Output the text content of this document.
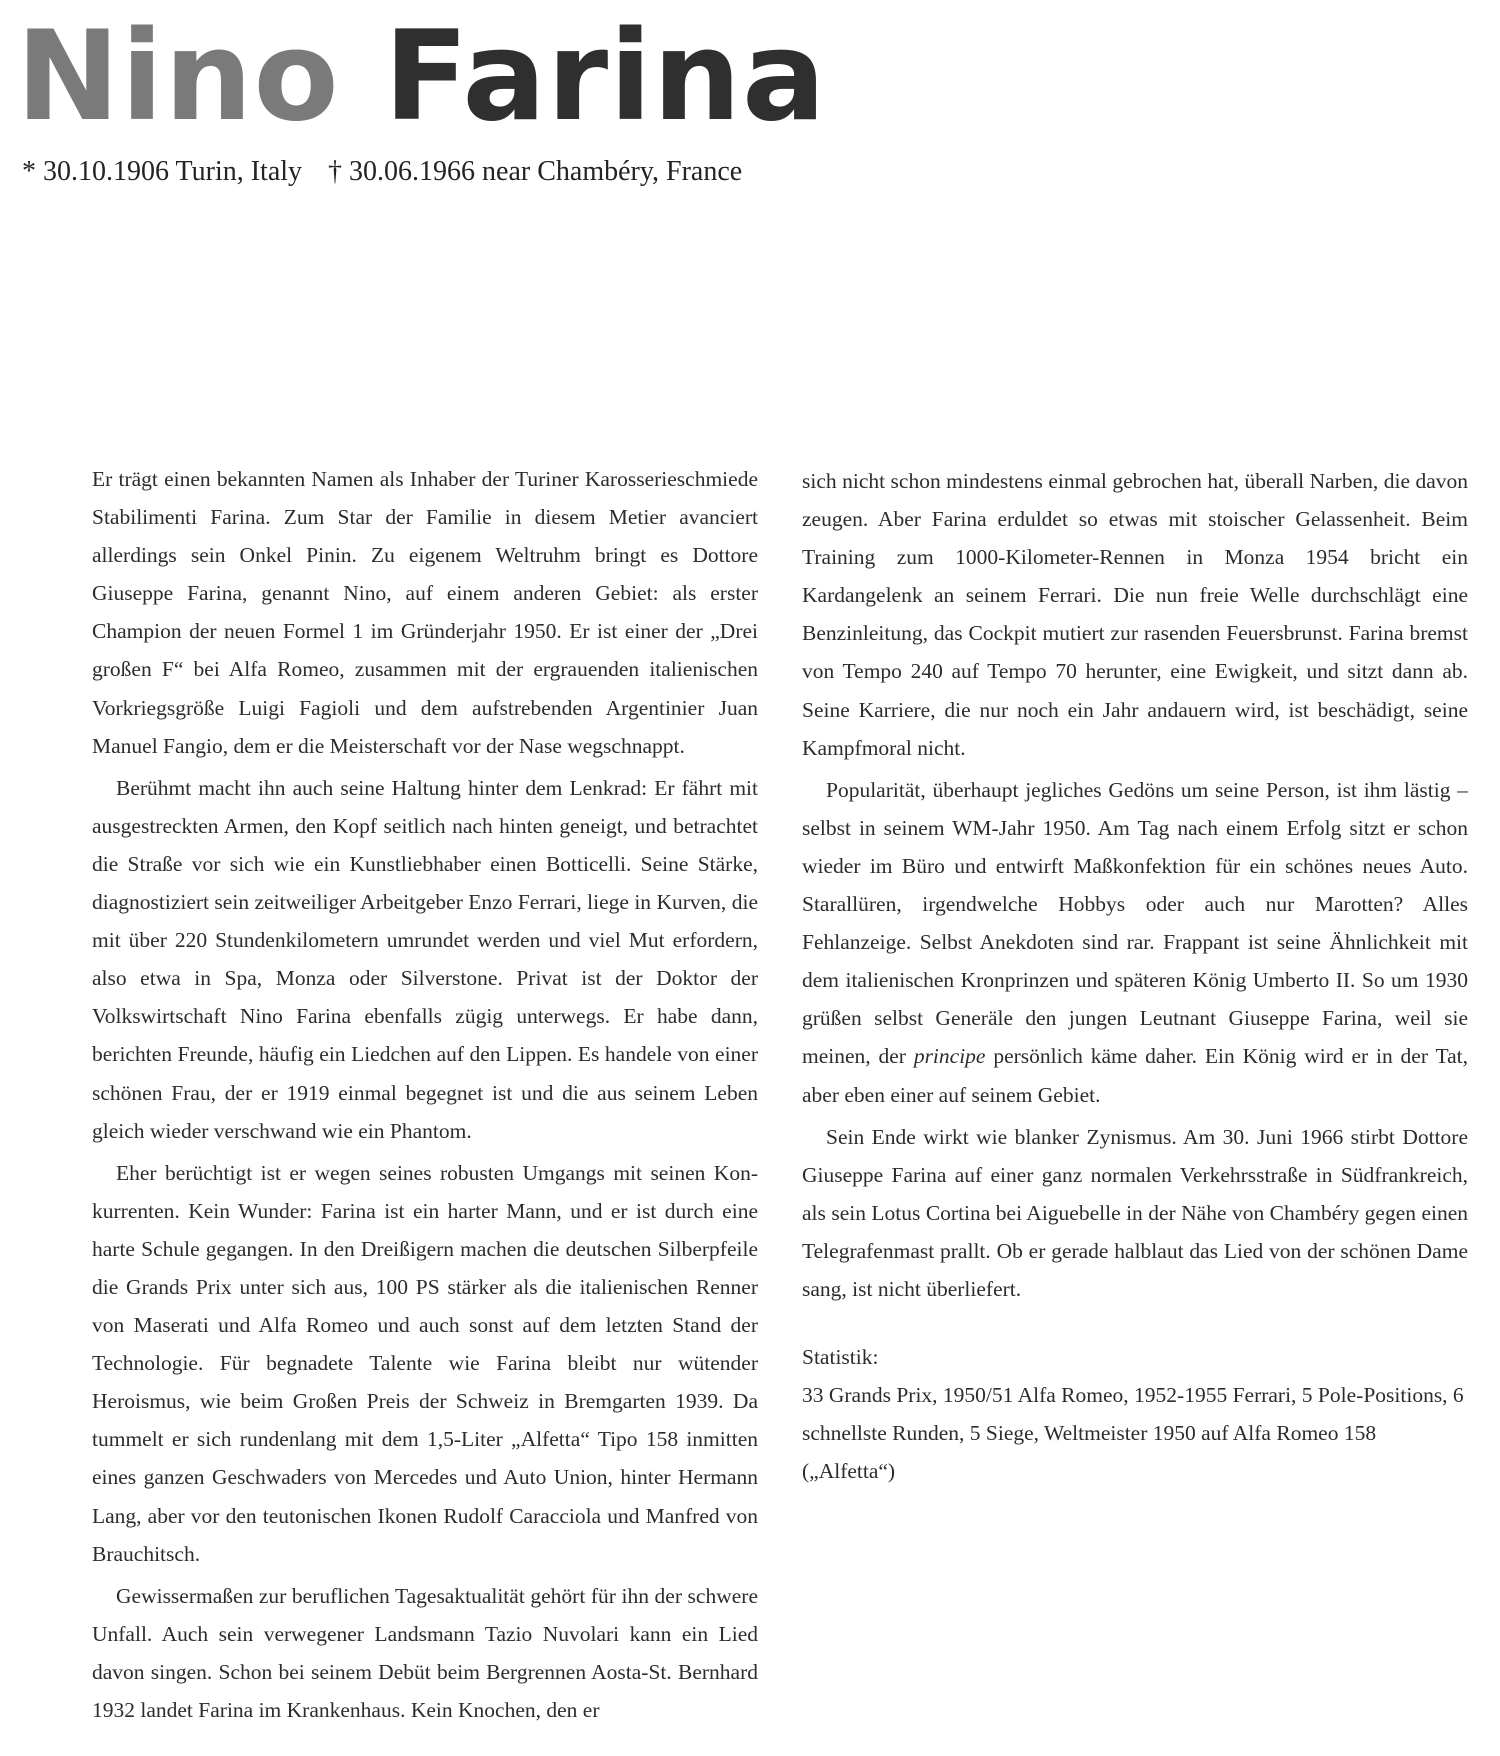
Nino Farina

* 30.10.1906 Turin, Italy † 30.06.1966 near Chambéry, France

Er trägt einen bekannten Namen als Inhaber der Turiner Karosserieschmiede Stabilimenti Farina. Zum Star der Familie in diesem Metier avanciert allerdings sein Onkel Pinin. Zu eigenem Weltruhm bringt es Dottore Giuseppe Farina, genannt Nino, auf einem anderen Gebiet: als erster Champion der neuen Formel 1 im Gründerjahr 1950. Er ist einer der „Drei großen F“ bei Alfa Romeo, zusammen mit der ergrauenden italienischen Vorkriegsgröße Luigi Fagioli und dem aufstrebenden Argentinier Juan Manuel Fangio, dem er die Meisterschaft vor der Nase wegschnappt.

Berühmt macht ihn auch seine Haltung hinter dem Lenkrad: Er fährt mit ausgestreckten Armen, den Kopf seitlich nach hinten geneigt, und betrachtet die Straße vor sich wie ein Kunstliebhaber einen Botticelli. Seine Stärke, diagnostiziert sein zeitweiliger Arbeitgeber Enzo Ferrari, liege in Kurven, die mit über 220 Stundenkilometern umrundet werden und viel Mut erfordern, also etwa in Spa, Monza oder Silverstone. Privat ist der Doktor der Volkswirtschaft Nino Farina ebenfalls zügig unterwegs. Er habe dann, berichten Freunde, häufig ein Liedchen auf den Lippen. Es handele von einer schönen Frau, der er 1919 einmal begegnet ist und die aus seinem Leben gleich wieder verschwand wie ein Phantom.

Eher berüchtigt ist er wegen seines robusten Umgangs mit seinen Konkurrenten. Kein Wunder: Farina ist ein harter Mann, und er ist durch eine harte Schule gegangen. In den Dreißigern machen die deutschen Silberpfeile die Grands Prix unter sich aus, 100 PS stärker als die italienischen Renner von Maserati und Alfa Romeo und auch sonst auf dem letzten Stand der Technologie. Für begnadete Talente wie Farina bleibt nur wütender Heroismus, wie beim Großen Preis der Schweiz in Bremgarten 1939. Da tummelt er sich rundenlang mit dem 1,5-Liter „Alfetta“ Tipo 158 inmitten eines ganzen Geschwaders von Mercedes und Auto Union, hinter Hermann Lang, aber vor den teutonischen Ikonen Rudolf Caracciola und Manfred von Brauchitsch.

Gewissermaßen zur beruflichen Tagesaktualität gehört für ihn der schwere Unfall. Auch sein verwegener Landsmann Tazio Nuvolari kann ein Lied davon singen. Schon bei seinem Debüt beim Bergrennen Aosta-St. Bernhard 1932 landet Farina im Krankenhaus. Kein Knochen, den er

sich nicht schon mindestens einmal gebrochen hat, überall Narben, die davon zeugen. Aber Farina erduldet so etwas mit stoischer Gelassenheit. Beim Training zum 1000-Kilometer-Rennen in Monza 1954 bricht ein Kardangelenk an seinem Ferrari. Die nun freie Welle durchschlägt eine Benzinleitung, das Cockpit mutiert zur rasenden Feuersbrunst. Farina bremst von Tempo 240 auf Tempo 70 herunter, eine Ewigkeit, und sitzt dann ab. Seine Karriere, die nur noch ein Jahr andauern wird, ist beschädigt, seine Kampfmoral nicht.

Popularität, überhaupt jegliches Gedöns um seine Person, ist ihm lästig – selbst in seinem WM-Jahr 1950. Am Tag nach einem Erfolg sitzt er schon wieder im Büro und entwirft Maßkonfektion für ein schönes neues Auto. Starallüren, irgendwelche Hobbys oder auch nur Marotten? Alles Fehlanzeige. Selbst Anekdoten sind rar. Frappant ist seine Ähnlichkeit mit dem italienischen Kronprinzen und späteren König Umberto II. So um 1930 grüßen selbst Generäle den jungen Leutnant Giuseppe Farina, weil sie meinen, der principe persönlich käme daher. Ein König wird er in der Tat, aber eben einer auf seinem Gebiet.

Sein Ende wirkt wie blanker Zynismus. Am 30. Juni 1966 stirbt Dottore Giuseppe Farina auf einer ganz normalen Verkehrsstraße in Südfrankreich, als sein Lotus Cortina bei Aiguebelle in der Nähe von Chambéry gegen einen Telegrafenmast prallt. Ob er gerade halblaut das Lied von der schönen Dame sang, ist nicht überliefert.

Statistik:

33 Grands Prix, 1950/51 Alfa Romeo, 1952-1955 Ferrari, 5 Pole-Positions, 6 schnellste Runden, 5 Siege, Weltmeister 1950 auf Alfa Romeo 158 („Alfetta“)
